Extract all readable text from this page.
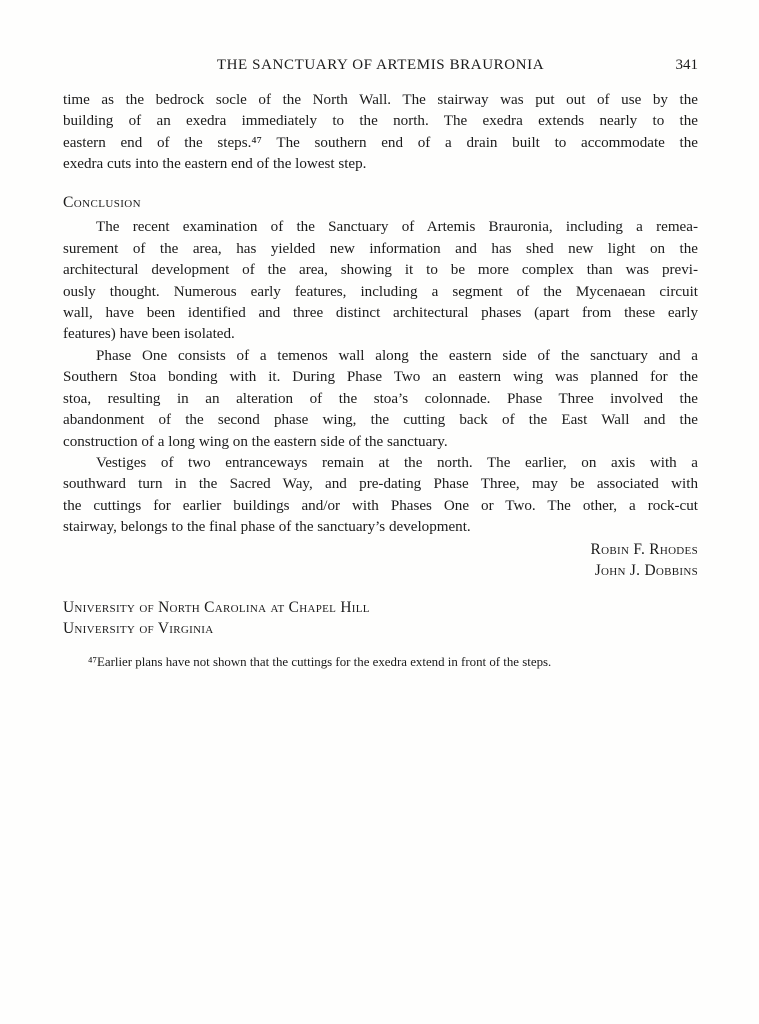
THE SANCTUARY OF ARTEMIS BRAURONIA	341
time as the bedrock socle of the North Wall. The stairway was put out of use by the
building of an exedra immediately to the north. The exedra extends nearly to the
eastern end of the steps.⁴⁷ The southern end of a drain built to accommodate the
exedra cuts into the eastern end of the lowest step.
Conclusion
The recent examination of the Sanctuary of Artemis Brauronia, including a remea-
surement of the area, has yielded new information and has shed new light on the
architectural development of the area, showing it to be more complex than was previ-
ously thought. Numerous early features, including a segment of the Mycenaean circuit
wall, have been identified and three distinct architectural phases (apart from these early
features) have been isolated.
Phase One consists of a temenos wall along the eastern side of the sanctuary and a
Southern Stoa bonding with it. During Phase Two an eastern wing was planned for the
stoa, resulting in an alteration of the stoa’s colonnade. Phase Three involved the
abandonment of the second phase wing, the cutting back of the East Wall and the
construction of a long wing on the eastern side of the sanctuary.
Vestiges of two entranceways remain at the north. The earlier, on axis with a
southward turn in the Sacred Way, and pre-dating Phase Three, may be associated with
the cuttings for earlier buildings and/or with Phases One or Two. The other, a rock-cut
stairway, belongs to the final phase of the sanctuary’s development.
Robin F. Rhodes
John J. Dobbins
University of North Carolina at Chapel Hill
University of Virginia
⁴⁷Earlier plans have not shown that the cuttings for the exedra extend in front of the steps.
